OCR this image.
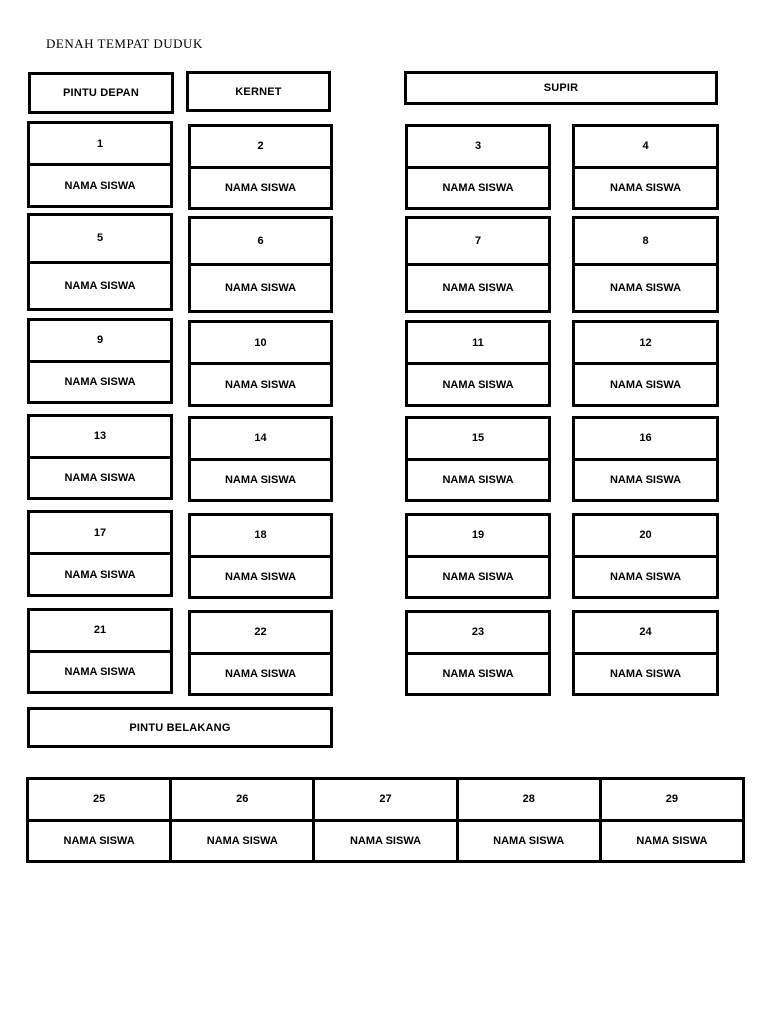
DENAH TEMPAT DUDUK
PINTU DEPAN	KERNET	SUPIR
1
NAMA SISWA
2
NAMA SISWA
3
NAMA SISWA
4
NAMA SISWA
5
NAMA SISWA
6
NAMA SISWA
7
NAMA SISWA
8
NAMA SISWA
9
NAMA SISWA
10
NAMA SISWA
11
NAMA SISWA
12
NAMA SISWA
13
NAMA SISWA
14
NAMA SISWA
15
NAMA SISWA
16
NAMA SISWA
17
NAMA SISWA
18
NAMA SISWA
19
NAMA SISWA
20
NAMA SISWA
21
NAMA SISWA
22
NAMA SISWA
23
NAMA SISWA
24
NAMA SISWA
PINTU BELAKANG
25
NAMA SISWA
26
NAMA SISWA
27
NAMA SISWA
28
NAMA SISWA
29
NAMA SISWA
